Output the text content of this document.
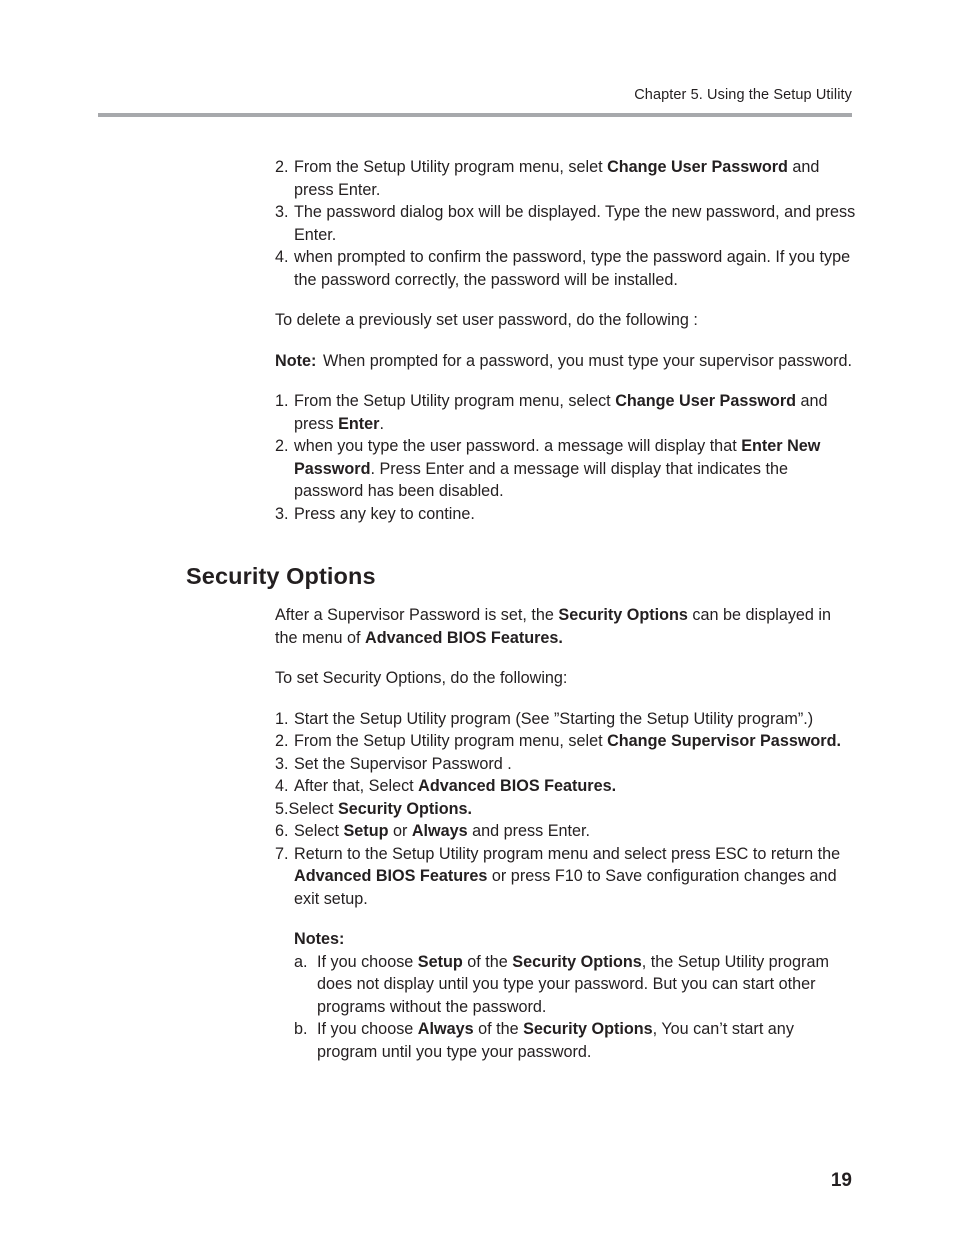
Chapter 5. Using the Setup Utility
2. From the Setup Utility program menu, selet Change User Password and press Enter.
3. The password dialog box will be displayed. Type the new password, and press Enter.
4. when prompted to confirm the password, type the password again. If you type the password correctly, the password will be installed.

To delete a previously set user password, do the following :

Note: When prompted for a password, you must type your supervisor password.
1. From the Setup Utility program menu, select Change User Password and press Enter.
2. when you type the user password. a message will display that Enter New Password. Press Enter and a message will display that indicates the password has been disabled.
3. Press any key to contine.
Security Options

After a Supervisor Password is set, the Security Options can be displayed in the menu of Advanced BIOS Features.

To set Security Options, do the following:

1. Start the Setup Utility program (See ”Starting the Setup Utility program”.)
2. From the Setup Utility program menu, selet Change Supervisor Password.
3. Set the Supervisor Password .
4. After that, Select Advanced BIOS Features.
5.Select Security Options.
6. Select Setup or Always and press Enter.
7. Return to the Setup Utility program menu and select press ESC to return the Advanced BIOS Features or press F10 to Save configuration changes and exit setup.
Notes:
a. If you choose Setup of the Security Options, the Setup Utility program does not display until you type your password. But you can start other programs without the password.
b. If you choose Always of the Security Options, You can’t start any program until you type your password.
19
